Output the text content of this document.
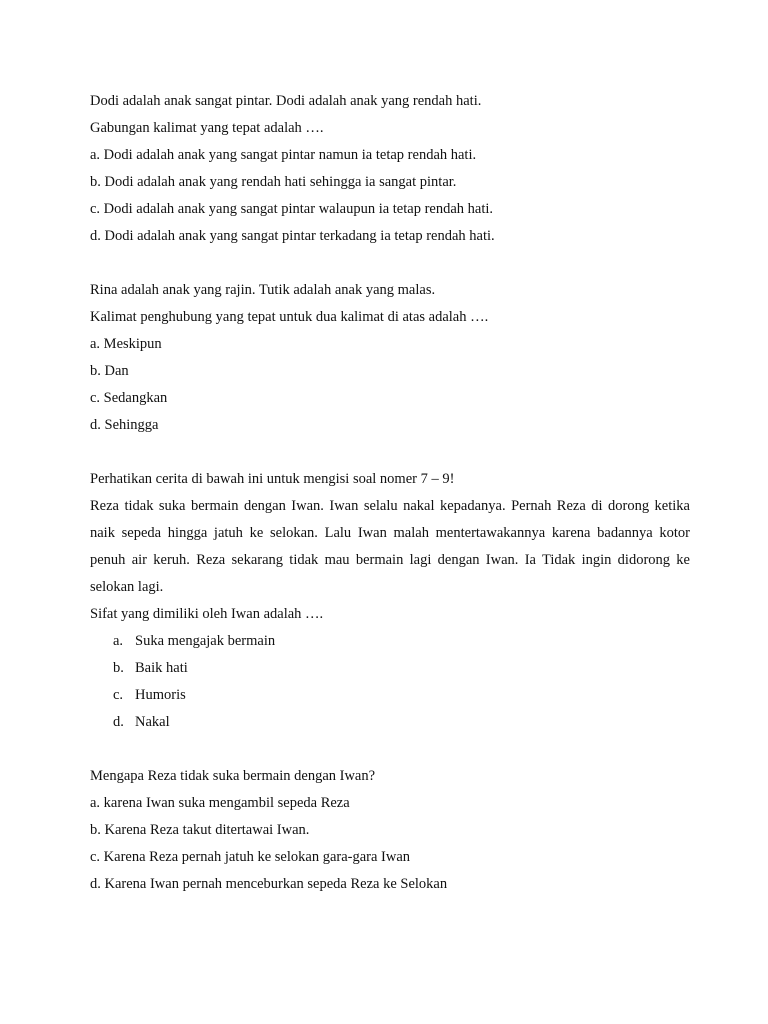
Dodi adalah anak sangat pintar. Dodi adalah anak yang rendah hati.
Gabungan kalimat yang tepat adalah ….
a. Dodi adalah anak yang sangat pintar namun ia tetap rendah hati.
b. Dodi adalah anak yang rendah hati sehingga ia sangat pintar.
c. Dodi adalah anak yang sangat pintar walaupun ia tetap rendah hati.
d. Dodi adalah anak yang sangat pintar terkadang ia tetap rendah hati.
Rina adalah anak yang rajin. Tutik adalah anak yang malas.
Kalimat penghubung yang tepat untuk dua kalimat di atas adalah ….
a. Meskipun
b. Dan
c. Sedangkan
d. Sehingga
Perhatikan cerita di bawah ini untuk mengisi soal nomer 7 – 9!
Reza tidak suka bermain dengan Iwan. Iwan selalu nakal kepadanya. Pernah Reza di dorong ketika naik sepeda hingga jatuh ke selokan. Lalu Iwan malah mentertawakannya karena badannya kotor penuh air keruh. Reza sekarang tidak mau bermain lagi dengan Iwan. Ia Tidak ingin didorong ke selokan lagi.
Sifat yang dimiliki oleh Iwan adalah ….
a. Suka mengajak bermain
b. Baik hati
c. Humoris
d. Nakal
Mengapa Reza tidak suka bermain dengan Iwan?
a. karena Iwan suka mengambil sepeda Reza
b. Karena Reza takut ditertawai Iwan.
c. Karena Reza pernah jatuh ke selokan gara-gara Iwan
d. Karena Iwan pernah menceburkan sepeda Reza ke Selokan
